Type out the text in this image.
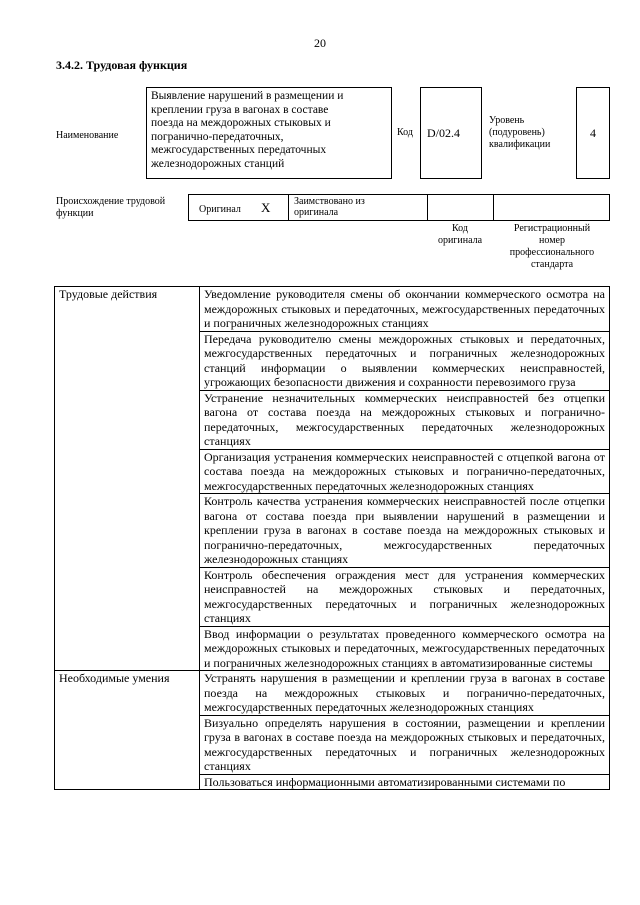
20
3.4.2. Трудовая функция
Наименование
Выявление нарушений в размещении и
креплении груза в вагонах в составе
поезда на междорожных стыковых и
погранично-передаточных,
межгосударственных передаточных
железнодорожных станций
Код D/02.4
Уровень
(подуровень)
квалификации
4
Происхождение трудовой
функции	Оригинал X Заимствовано из
оригинала
Код
оригинала
Регистрационный
номер
профессионального
стандарта
Трудовые действия	Уведомление руководителя смены об окончании коммерческого осмотра на междорожных стыковых и передаточных, межгосударственных передаточных и пограничных железнодорожных станциях
	Передача руководителю смены междорожных стыковых и передаточных, межгосударственных передаточных и пограничных железнодорожных станций информации о выявлении коммерческих неисправностей, угрожающих безопасности движения и сохранности перевозимого груза
	Устранение незначительных коммерческих неисправностей без отцепки вагона от состава поезда на междорожных стыковых и погранично-передаточных, межгосударственных передаточных железнодорожных станциях
	Организация устранения коммерческих неисправностей с отцепкой вагона от состава поезда на междорожных стыковых и погранично-передаточных, межгосударственных передаточных железнодорожных станциях
	Контроль качества устранения коммерческих неисправностей после отцепки вагона от состава поезда при выявлении нарушений в размещении и креплении груза в вагонах в составе поезда на междорожных стыковых и погранично-передаточных, межгосударственных передаточных железнодорожных станциях
	Контроль обеспечения ограждения мест для устранения коммерческих неисправностей на междорожных стыковых и передаточных, межгосударственных передаточных и пограничных железнодорожных станциях
	Ввод информации о результатах проведенного коммерческого осмотра на междорожных стыковых и передаточных, межгосударственных передаточных и пограничных железнодорожных станциях в автоматизированные системы
Необходимые умения	Устранять нарушения в размещении и креплении груза в вагонах в составе поезда на междорожных стыковых и погранично-передаточных, межгосударственных передаточных железнодорожных станциях
	Визуально определять нарушения в состоянии, размещении и креплении груза в вагонах в составе поезда на междорожных стыковых и передаточных, межгосударственных передаточных и пограничных железнодорожных станциях
	Пользоваться информационными автоматизированными системами по
